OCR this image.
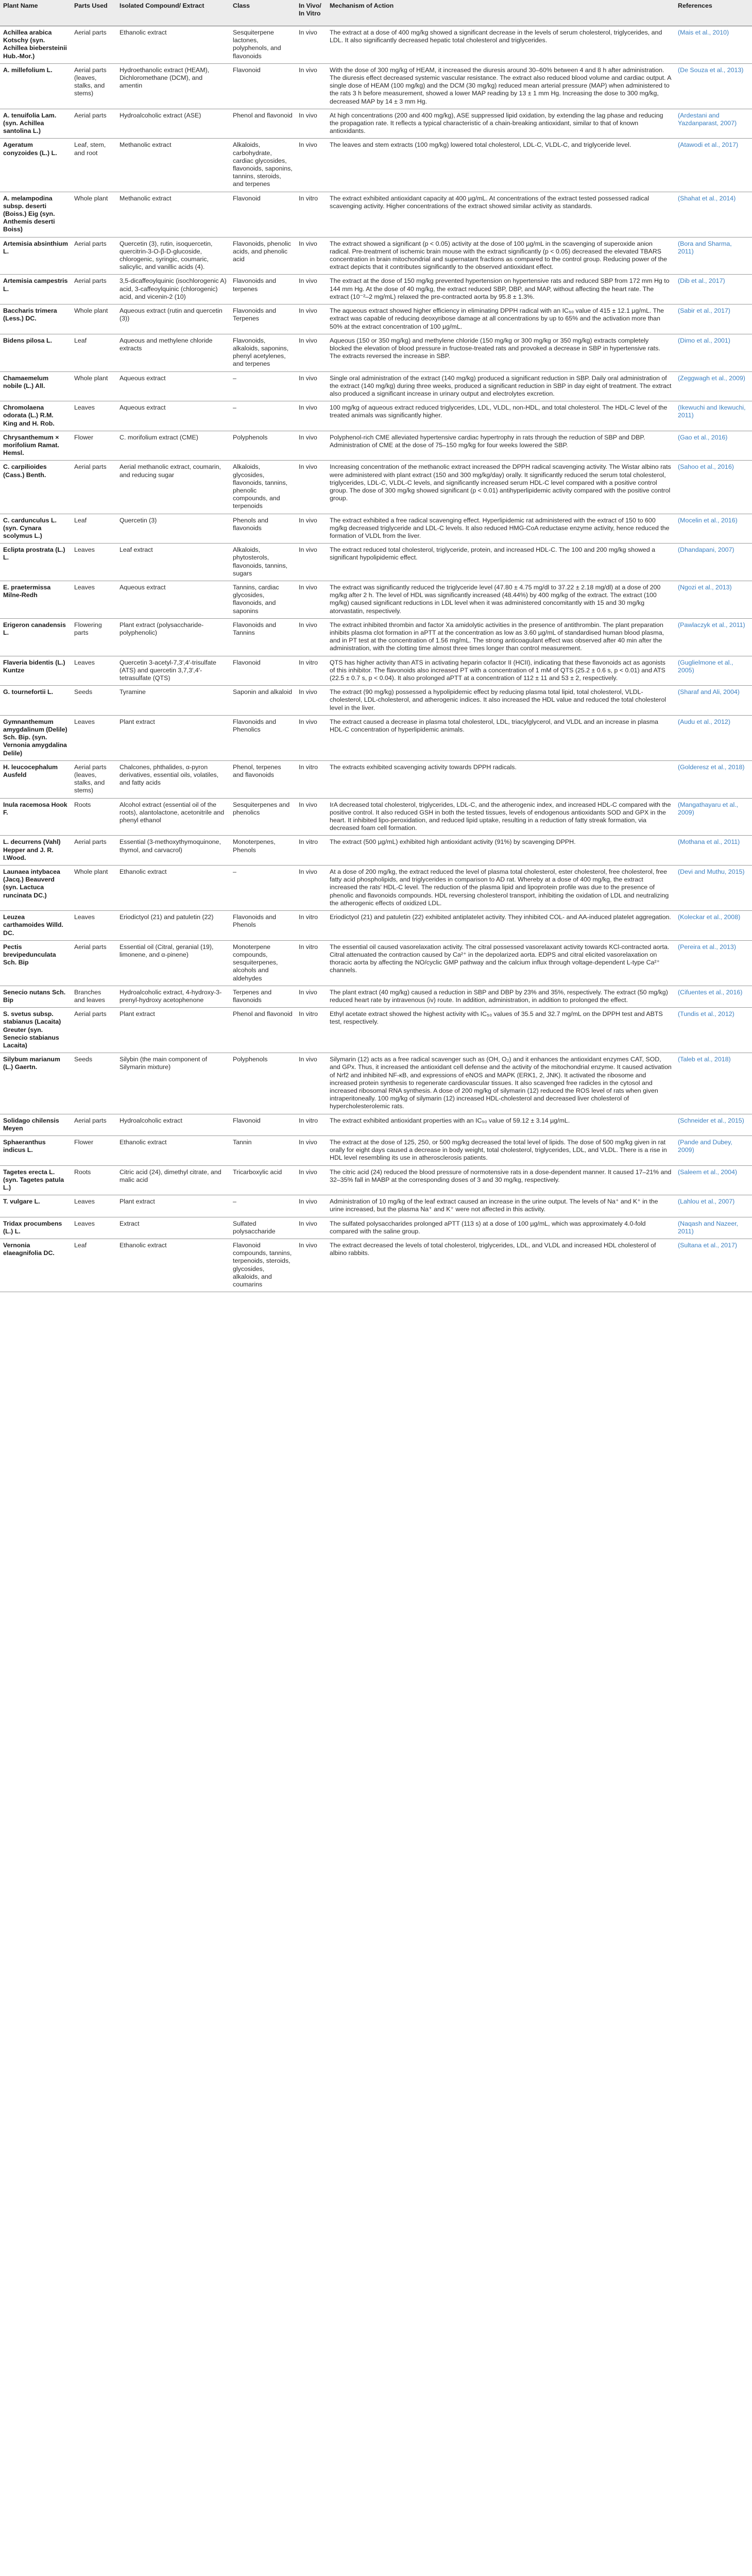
Plant Name	Parts Used	Isolated Compound/ Extract	Class	In Vivo/ In Vitro	Mechanism of Action	References
Achillea arabica Kotschy (syn. Achillea biebersteinii Hub.-Mor.)	Aerial parts	Ethanolic extract	Sesquiterpene lactones, polyphenols, and flavonoids	In vivo	The extract at a dose of 400 mg/kg showed a significant decrease in the levels of serum cholesterol, triglycerides, and LDL. It also significantly decreased hepatic total cholesterol and triglycerides.	(Mais et al., 2010)
A. millefolium L.	Aerial parts (leaves, stalks, and stems)	Hydroethanolic extract (HEAM), Dichloromethane (DCM), and amentin	Flavonoid	In vivo	With the dose of 300 mg/kg of HEAM, it increased the diuresis around 30–60% between 4 and 8 h after administration. The diuresis effect decreased systemic vascular resistance. The extract also reduced blood volume and cardiac output. A single dose of HEAM (100 mg/kg) and the DCM (30 mg/kg) reduced mean arterial pressure (MAP) when administered to the rats 3 h before measurement, showed a lower MAP reading by 13 ± 1 mm Hg. Increasing the dose to 300 mg/kg, decreased MAP by 14 ± 3 mm Hg.	(De Souza et al., 2013)
A. tenuifolia Lam. (syn. Achillea santolina L.)	Aerial parts	Hydroalcoholic extract (ASE)	Phenol and flavonoid	In vivo	At high concentrations (200 and 400 mg/kg), ASE suppressed lipid oxidation, by extending the lag phase and reducing the propagation rate. It reflects a typical characteristic of a chain-breaking antioxidant, similar to that of known antioxidants.	(Ardestani and Yazdanparast, 2007)
Ageratum conyzoides (L.) L.	Leaf, stem, and root	Methanolic extract	Alkaloids, carbohydrate, cardiac glycosides, flavonoids, saponins, tannins, steroids, and terpenes	In vivo	The leaves and stem extracts (100 mg/kg) lowered total cholesterol, LDL-C, VLDL-C, and triglyceride level.	(Atawodi et al., 2017)
A. melampodina subsp. deserti (Boiss.) Eig (syn. Anthemis deserti Boiss)	Whole plant	Methanolic extract	Flavonoid	In vitro	The extract exhibited antioxidant capacity at 400 µg/mL. At concentrations of the extract tested possessed radical scavenging activity. Higher concentrations of the extract showed similar activity as standards.	(Shahat et al., 2014)
Artemisia absinthium L.	Aerial parts	Quercetin (3), rutin, isoquercetin, quercitrin-3-O-β-D-glucoside, chlorogenic, syringic, coumaric, salicylic, and vanillic acids (4).	Flavonoids, phenolic acids, and phenolic acid	In vivo	The extract showed a significant (p < 0.05) activity at the dose of 100 µg/mL in the scavenging of superoxide anion radical. Pre-treatment of ischemic brain mouse with the extract significantly (p < 0.05) decreased the elevated TBARS concentration in brain mitochondrial and supernatant fractions as compared to the control group. Reducing power of the extract depicts that it contributes significantly to the observed antioxidant effect.	(Bora and Sharma, 2011)
Artemisia campestris L.	Aerial parts	3,5-dicaffeoylquinic (isochlorogenic A) acid, 3-caffeoylquinic (chlorogenic) acid, and vicenin-2 (10)	Flavonoids and terpenes	In vivo	The extract at the dose of 150 mg/kg prevented hypertension on hypertensive rats and reduced SBP from 172 mm Hg to 144 mm Hg. At the dose of 40 mg/kg, the extract reduced SBP, DBP, and MAP, without affecting the heart rate. The extract (10⁻²–2 mg/mL) relaxed the pre-contracted aorta by 95.8 ± 1.3%.	(Dib et al., 2017)
Baccharis trimera (Less.) DC.	Whole plant	Aqueous extract (rutin and quercetin (3))	Flavonoids and Terpenes	In vivo	The aqueous extract showed higher efficiency in eliminating DPPH radical with an IC₅₀ value of 415 ± 12.1 µg/mL. The extract was capable of reducing deoxyribose damage at all concentrations by up to 65% and the activation more than 50% at the extract concentration of 100 µg/mL.	(Sabir et al., 2017)
Bidens pilosa L.	Leaf	Aqueous and methylene chloride extracts	Flavonoids, alkaloids, saponins, phenyl acetylenes, and terpenes	In vivo	Aqueous (150 or 350 mg/kg) and methylene chloride (150 mg/kg or 300 mg/kg or 350 mg/kg) extracts completely blocked the elevation of blood pressure in fructose-treated rats and provoked a decrease in SBP in hypertensive rats. The extracts reversed the increase in SBP.	(Dimo et al., 2001)
Chamaemelum nobile (L.) All.	Whole plant	Aqueous extract	–	In vivo	Single oral administration of the extract (140 mg/kg) produced a significant reduction in SBP. Daily oral administration of the extract (140 mg/kg) during three weeks, produced a significant reduction in SBP in day eight of treatment. The extract also produced a significant increase in urinary output and electrolytes excretion.	(Zeggwagh et al., 2009)
Chromolaena odorata (L.) R.M. King and H. Rob.	Leaves	Aqueous extract	–	In vivo	100 mg/kg of aqueous extract reduced triglycerides, LDL, VLDL, non-HDL, and total cholesterol. The HDL-C level of the treated animals was significantly higher.	(Ikewuchi and Ikewuchi, 2011)
Chrysanthemum × morifolium Ramat. Hemsl.	Flower	C. morifolium extract (CME)	Polyphenols	In vivo	Polyphenol-rich CME alleviated hypertensive cardiac hypertrophy in rats through the reduction of SBP and DBP. Administration of CME at the dose of 75–150 mg/kg for four weeks lowered the SBP.	(Gao et al., 2016)
C. carpilioides (Cass.) Benth.	Aerial parts	Aerial methanolic extract, coumarin, and reducing sugar	Alkaloids, glycosides, flavonoids, tannins, phenolic compounds, and terpenoids	In vivo	Increasing concentration of the methanolic extract increased the DPPH radical scavenging activity. The Wistar albino rats were administered with plant extract (150 and 300 mg/kg/day) orally. It significantly reduced the serum total cholesterol, triglycerides, LDL-C, VLDL-C levels, and significantly increased serum HDL-C level compared with a positive control group. The dose of 300 mg/kg showed significant (p < 0.01) antihyperlipidemic activity compared with the positive control group.	(Sahoo et al., 2016)
C. cardunculus L. (syn. Cynara scolymus L.)	Leaf	Quercetin (3)	Phenols and flavonoids	In vivo	The extract exhibited a free radical scavenging effect. Hyperlipidemic rat administered with the extract of 150 to 600 mg/kg decreased triglyceride and LDL-C levels. It also reduced HMG-CoA reductase enzyme activity, hence reduced the formation of VLDL from the liver.	(Mocelin et al., 2016)
Eclipta prostrata (L.) L.	Leaves	Leaf extract	Alkaloids, phytosterols, flavonoids, tannins, sugars	In vivo	The extract reduced total cholesterol, triglyceride, protein, and increased HDL-C. The 100 and 200 mg/kg showed a significant hypolipidemic effect.	(Dhandapani, 2007)
E. praetermissa Milne-Redh	Leaves	Aqueous extract	Tannins, cardiac glycosides, flavonoids, and saponins	In vivo	The extract was significantly reduced the triglyceride level (47.80 ± 4.75 mg/dl to 37.22 ± 2.18 mg/dl) at a dose of 200 mg/kg after 2 h. The level of HDL was significantly increased (48.44%) by 400 mg/kg of the extract. The extract (100 mg/kg) caused significant reductions in LDL level when it was administered concomitantly with 15 and 30 mg/kg atorvastatin, respectively.	(Ngozi et al., 2013)
Erigeron canadensis L.	Flowering parts	Plant extract (polysaccharide-polyphenolic)	Flavonoids and Tannins	In vivo	The extract inhibited thrombin and factor Xa amidolytic activities in the presence of antithrombin. The plant preparation inhibits plasma clot formation in aPTT at the concentration as low as 3.60 µg/mL of standardised human blood plasma, and in PT test at the concentration of 1.56 mg/mL. The strong anticoagulant effect was observed after 40 min after the administration, with the clotting time almost three times longer than control measurement.	(Pawlaczyk et al., 2011)
Flaveria bidentis (L.) Kuntze	Leaves	Quercetin 3-acetyl-7,3′,4′-trisulfate (ATS) and quercetin 3,7,3′,4′-tetrasulfate (QTS)	Flavonoid	In vitro	QTS has higher activity than ATS in activating heparin cofactor II (HCII), indicating that these flavonoids act as agonists of this inhibitor. The flavonoids also increased PT with a concentration of 1 mM of QTS (25.2 ± 0.6 s, p < 0.01) and ATS (22.5 ± 0.7 s, p < 0.04). It also prolonged aPTT at a concentration of 112 ± 11 and 53 ± 2, respectively.	(Guglielmone et al., 2005)
G. tournefortii L.	Seeds	Tyramine	Saponin and alkaloid	In vivo	The extract (90 mg/kg) possessed a hypolipidemic effect by reducing plasma total lipid, total cholesterol, VLDL-cholesterol, LDL-cholesterol, and atherogenic indices. It also increased the HDL value and reduced the total cholesterol level in the liver.	(Sharaf and Ali, 2004)
Gymnanthemum amygdalinum (Delile) Sch. Bip. (syn. Vernonia amygdalina Delile)	Leaves	Plant extract	Flavonoids and Phenolics	In vivo	The extract caused a decrease in plasma total cholesterol, LDL, triacylglycerol, and VLDL and an increase in plasma HDL-C concentration of hyperlipidemic animals.	(Audu et al., 2012)
H. leucocephalum Ausfeld	Aerial parts (leaves, stalks, and stems)	Chalcones, phthalides, α-pyron derivatives, essential oils, volatiles, and fatty acids	Phenol, terpenes and flavonoids	In vitro	The extracts exhibited scavenging activity towards DPPH radicals.	(Golderesz et al., 2018)
Inula racemosa Hook F.	Roots	Alcohol extract (essential oil of the roots), alantolactone, acetonitrile and phenyl ethanol	Sesquiterpenes and phenolics	In vivo	IrA decreased total cholesterol, triglycerides, LDL-C, and the atherogenic index, and increased HDL-C compared with the positive control. It also reduced GSH in both the tested tissues, levels of endogenous antioxidants SOD and GPX in the heart. It inhibited lipo-peroxidation, and reduced lipid uptake, resulting in a reduction of fatty streak formation, via decreased foam cell formation.	(Mangathayaru et al., 2009)
L. decurrens (Vahl) Hepper and J. R. I.Wood.	Aerial parts	Essential (3-methoxythymoquinone, thymol, and carvacrol)	Monoterpenes, Phenols	In vitro	The extract (500 µg/mL) exhibited high antioxidant activity (91%) by scavenging DPPH.	(Mothana et al., 2011)
Launaea intybacea (Jacq.) Beauverd (syn. Lactuca runcinata DC.)	Whole plant	Ethanolic extract	–	In vivo	At a dose of 200 mg/kg, the extract reduced the level of plasma total cholesterol, ester cholesterol, free cholesterol, free fatty acid phospholipids, and triglycerides in comparison to AD rat. Whereby at a dose of 400 mg/kg, the extract increased the rats' HDL-C level. The reduction of the plasma lipid and lipoprotein profile was due to the presence of phenolic and flavonoids compounds. HDL reversing cholesterol transport, inhibiting the oxidation of LDL and neutralizing the atherogenic effects of oxidized LDL.	(Devi and Muthu, 2015)
Leuzea carthamoides Willd. DC.	Leaves	Eriodictyol (21) and patuletin (22)	Flavonoids and Phenols	In vitro	Eriodictyol (21) and patuletin (22) exhibited antiplatelet activity. They inhibited COL- and AA-induced platelet aggregation.	(Koleckar et al., 2008)
Pectis brevipedunculata Sch. Bip	Aerial parts	Essential oil (Citral, geranial (19), limonene, and α-pinene)	Monoterpene compounds, sesquiterpenes, alcohols and aldehydes	In vitro	The essential oil caused vasorelaxation activity. The citral possessed vasorelaxant activity towards KCl-contracted aorta. Citral attenuated the contraction caused by Ca²⁺ in the depolarized aorta. EDPS and citral elicited vasorelaxation on thoracic aorta by affecting the NO/cyclic GMP pathway and the calcium influx through voltage-dependent L-type Ca²⁺ channels.	(Pereira et al., 2013)
Senecio nutans Sch. Bip	Branches and leaves	Hydroalcoholic extract, 4-hydroxy-3-prenyl-hydroxy acetophenone	Terpenes and flavonoids	In vivo	The plant extract (40 mg/kg) caused a reduction in SBP and DBP by 23% and 35%, respectively. The extract (50 mg/kg) reduced heart rate by intravenous (iv) route. In addition, administration, in addition to prolonged the effect.	(Cifuentes et al., 2016)
S. svetus subsp. stabianus (Lacaita) Greuter (syn. Senecio stabianus Lacaita)	Aerial parts	Plant extract	Phenol and flavonoid	In vitro	Ethyl acetate extract showed the highest activity with IC₅₀ values of 35.5 and 32.7 mg/mL on the DPPH test and ABTS test, respectively.	(Tundis et al., 2012)
Silybum marianum (L.) Gaertn.	Seeds	Silybin (the main component of Silymarin mixture)	Polyphenols	In vivo	Silymarin (12) acts as a free radical scavenger such as (OH, O₂) and it enhances the antioxidant enzymes CAT, SOD, and GPx. Thus, it increased the antioxidant cell defense and the activity of the mitochondrial enzyme. It caused activation of Nrf2 and inhibited NF-κB, and expressions of eNOS and MAPK (ERK1, 2, JNK). It activated the ribosome and increased protein synthesis to regenerate cardiovascular tissues. It also scavenged free radicles in the cytosol and increased ribosomal RNA synthesis. A dose of 200 mg/kg of silymarin (12) reduced the ROS level of rats when given intraperitoneally. 100 mg/kg of silymarin (12) increased HDL-cholesterol and decreased liver cholesterol of hypercholesterolemic rats.	(Taleb et al., 2018)
Solidago chilensis Meyen	Aerial parts	Hydroalcoholic extract	Flavonoid	In vitro	The extract exhibited antioxidant properties with an IC₅₀ value of 59.12 ± 3.14 µg/mL.	(Schneider et al., 2015)
Sphaeranthus indicus L.	Flower	Ethanolic extract	Tannin	In vivo	The extract at the dose of 125, 250, or 500 mg/kg decreased the total level of lipids. The dose of 500 mg/kg given in rat orally for eight days caused a decrease in body weight, total cholesterol, triglycerides, LDL, and VLDL. There is a rise in HDL level resembling its use in atherosclerosis patients.	(Pande and Dubey, 2009)
Tagetes erecta L. (syn. Tagetes patula L.)	Roots	Citric acid (24), dimethyl citrate, and malic acid	Tricarboxylic acid	In vivo	The citric acid (24) reduced the blood pressure of normotensive rats in a dose-dependent manner. It caused 17–21% and 32–35% fall in MABP at the corresponding doses of 3 and 30 mg/kg, respectively.	(Saleem et al., 2004)
T. vulgare L.	Leaves	Plant extract	–	In vivo	Administration of 10 mg/kg of the leaf extract caused an increase in the urine output. The levels of Na⁺ and K⁺ in the urine increased, but the plasma Na⁺ and K⁺ were not affected in this activity.	(Lahlou et al., 2007)
Tridax procumbens (L.) L.	Leaves	Extract	Sulfated polysaccharide	In vivo	The sulfated polysaccharides prolonged aPTT (113 s) at a dose of 100 µg/mL, which was approximately 4.0-fold compared with the saline group.	(Naqash and Nazeer, 2011)
Vernonia elaeagnifolia DC.	Leaf	Ethanolic extract	Flavonoid compounds, tannins, terpenoids, steroids, glycosides, alkaloids, and coumarins	In vivo	The extract decreased the levels of total cholesterol, triglycerides, LDL, and VLDL and increased HDL cholesterol of albino rabbits.	(Sultana et al., 2017)
